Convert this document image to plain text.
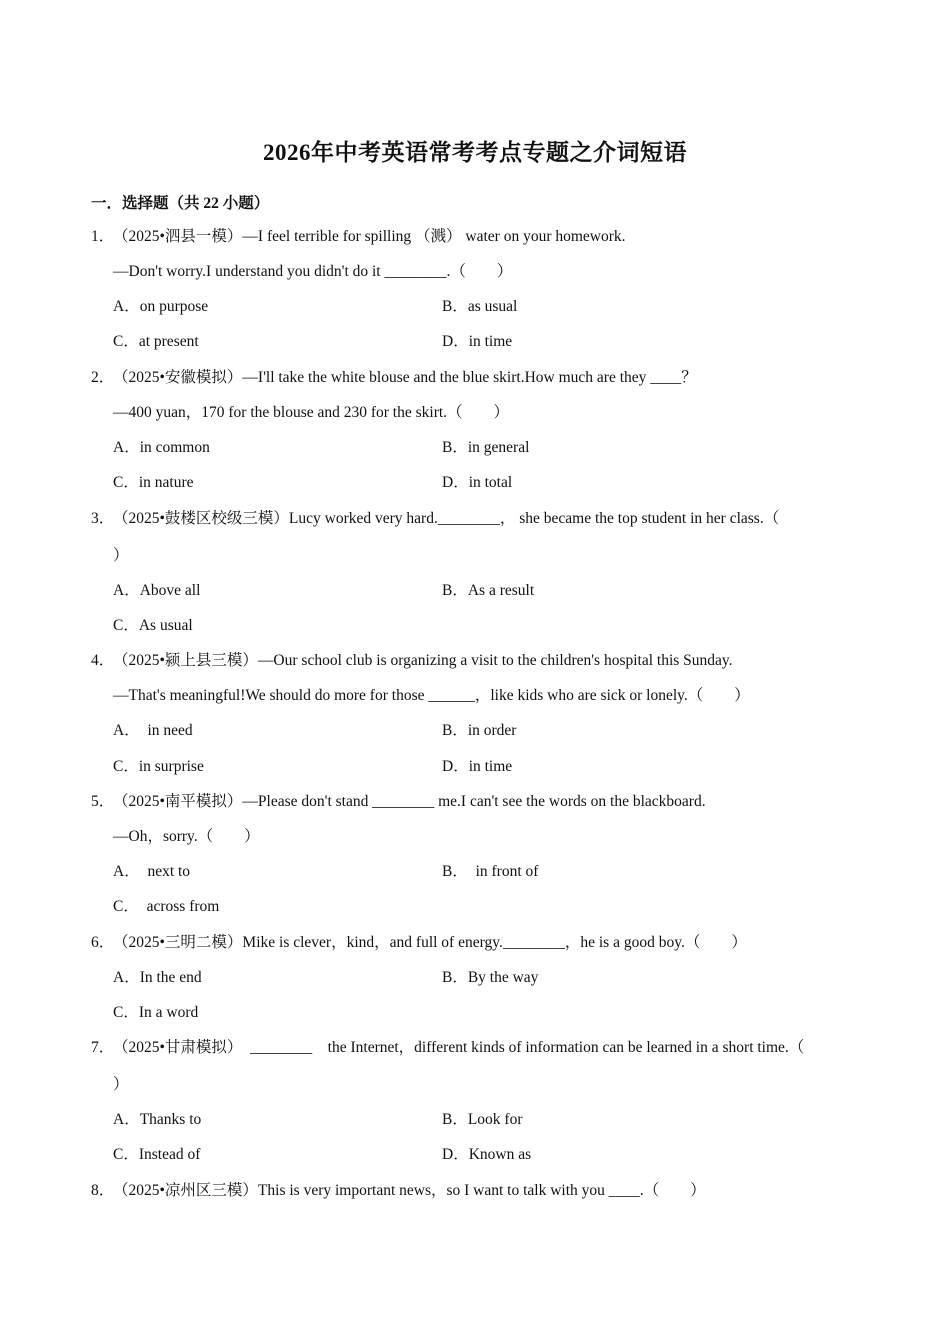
2026年中考英语常考考点专题之介词短语
一．选择题（共 22 小题）
1．
（2025•泗县一模）—I feel terrible for spilling （溅） water on your homework.
—Don't worry.I understand you didn't do it ________.（　　）
A．on purpose	B．as usual
C．at present	D．in time
2．
（2025•安徽模拟）—I'll take the white blouse and the blue skirt.How much are they ____？
—400 yuan，170 for the blouse and 230 for the skirt.（　　）
A．in common	B．in general
C．in nature	D．in total
3．
（2025•鼓楼区校级三模）Lucy worked very hard.________， she became the top student in her class.（
）
A．Above all	B．As a result
C．As usual
4．
（2025•颍上县三模）—Our school club is organizing a visit to the children's hospital this Sunday.
—That's meaningful!We should do more for those ______，like kids who are sick or lonely.（　　）
A．　in need	B．in order
C．in surprise	D．in time
5．
（2025•南平模拟）—Please don't stand ________ me.I can't see the words on the blackboard.
—Oh，sorry.（　　）
A．　next to	B．　in front of
C．　across from
6．
（2025•三明二模）Mike is clever，kind，and full of energy.________，he is a good boy.（　　）
A．In the end	B．By the way
C．In a word
7．
（2025•甘肃模拟）　________　the Internet，different kinds of information can be learned in a short time.（
）
A．Thanks to	B．Look for
C．Instead of	D．Known as
8．
（2025•凉州区三模）This is very important news，so I want to talk with you ____.（　　）
